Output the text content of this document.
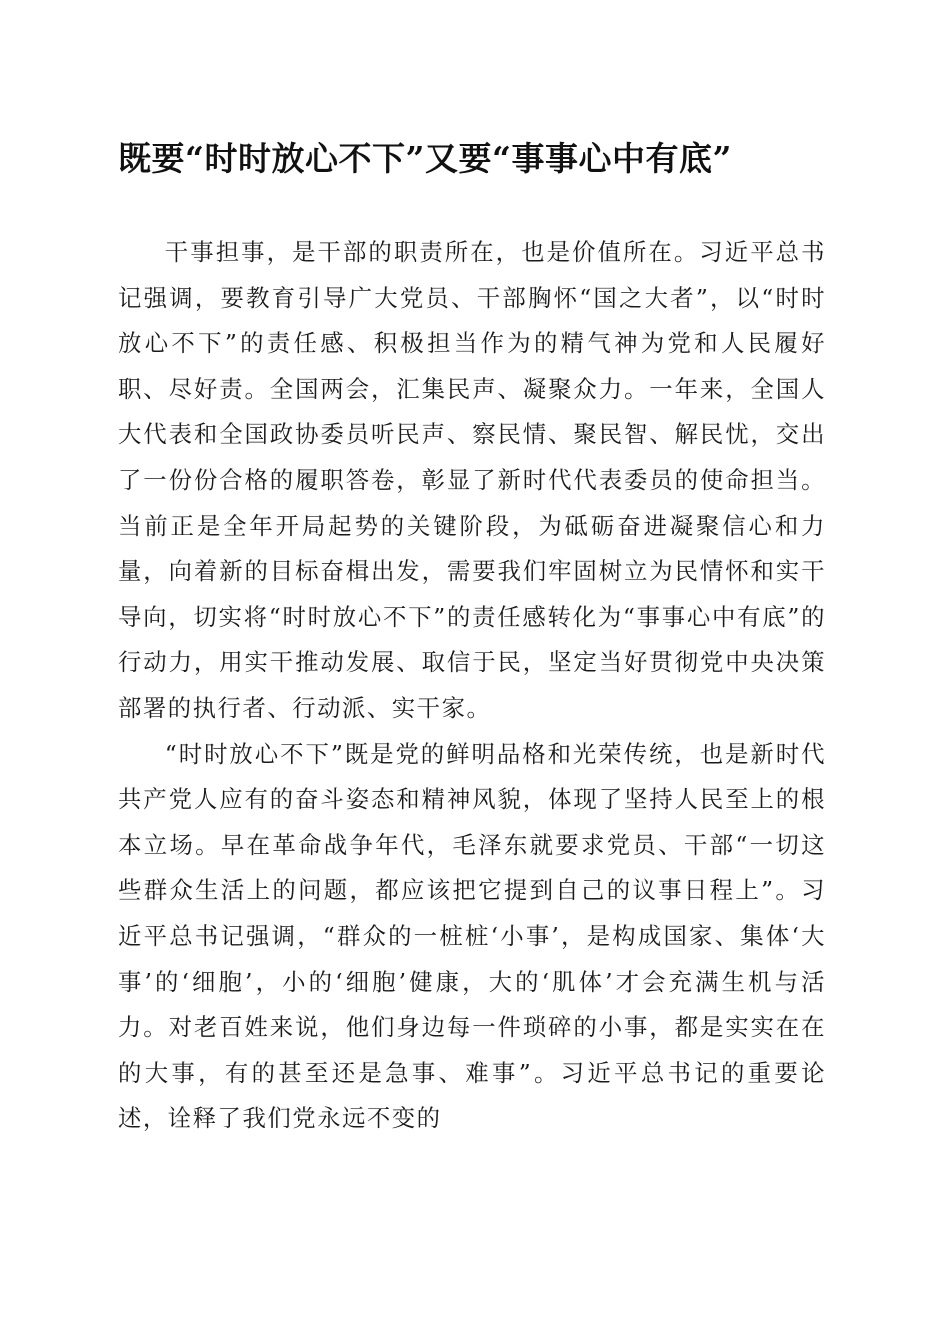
既要“时时放心不下”又要“事事心中有底”

干事担事，是干部的职责所在，也是价值所在。习近平总书记强调，要教育引导广大党员、干部胸怀“国之大者”，以“时时放心不下”的责任感、积极担当作为的精气神为党和人民履好职、尽好责。全国两会，汇集民声、凝聚众力。一年来，全国人大代表和全国政协委员听民声、察民情、聚民智、解民忧，交出了一份份合格的履职答卷，彰显了新时代代表委员的使命担当。当前正是全年开局起势的关键阶段，为砥砺奋进凝聚信心和力量，向着新的目标奋楫出发，需要我们牢固树立为民情怀和实干导向，切实将“时时放心不下”的责任感转化为“事事心中有底”的行动力，用实干推动发展、取信于民，坚定当好贯彻党中央决策部署的执行者、行动派、实干家。

“时时放心不下”既是党的鲜明品格和光荣传统，也是新时代共产党人应有的奋斗姿态和精神风貌，体现了坚持人民至上的根本立场。早在革命战争年代，毛泽东就要求党员、干部“一切这些群众生活上的问题，都应该把它提到自己的议事日程上”。习近平总书记强调，“群众的一桩桩‘小事’，是构成国家、集体‘大事’的‘细胞’，小的‘细胞’健康，大的‘肌体’才会充满生机与活力。对老百姓来说，他们身边每一件琐碎的小事，都是实实在在的大事，有的甚至还是急事、难事”。习近平总书记的重要论述，诠释了我们党永远不变的
